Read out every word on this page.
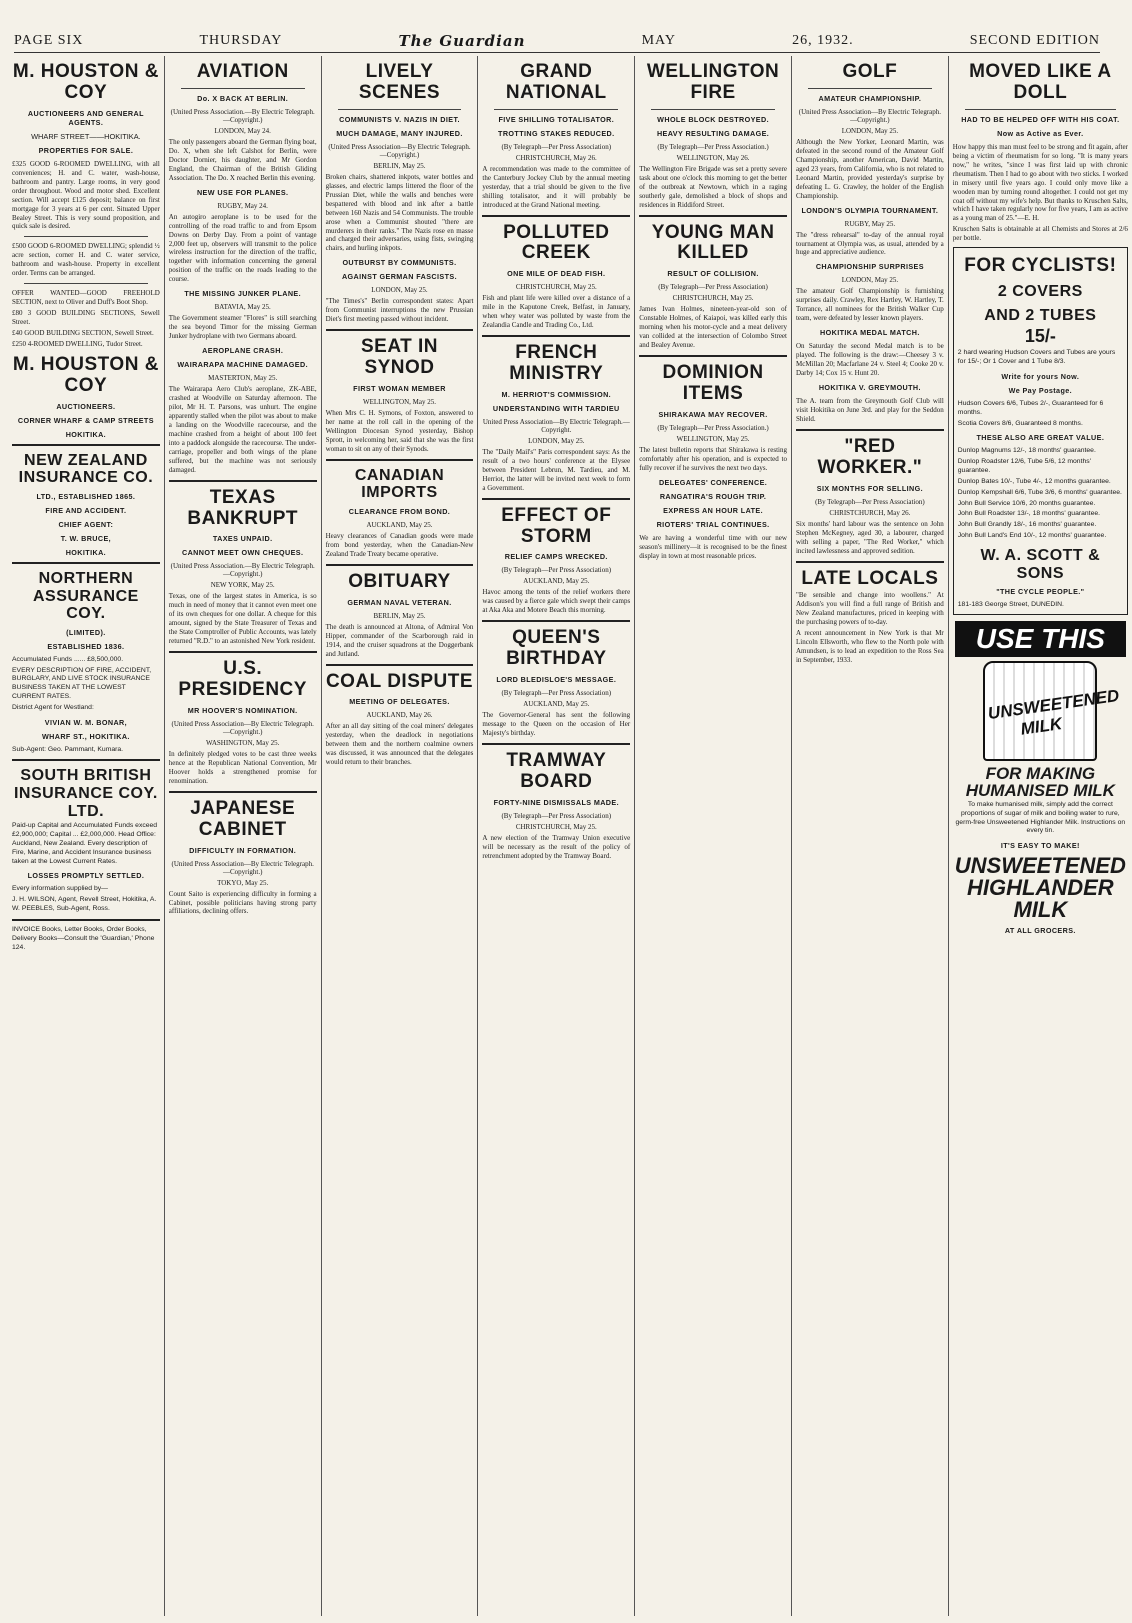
PAGE SIX	THURSDAY	The Guardian	MAY	26, 1932.	SECOND EDITION
M. HOUSTON & COY
AUCTIONEERS AND GENERAL AGENTS.
WHARF STREET——HOKITIKA.
PROPERTIES FOR SALE.
£325 GOOD 6-ROOMED DWELLING, with all conveniences; H. and C. water, wash-house, bathroom and pantry. Large rooms, in very good order throughout. Wood and motor shed. Excellent section. Will accept £125 deposit; balance on first mortgage for 3 years at 6 per cent. Situated Upper Bealey Street. This is very sound proposition, and quick sale is desired.
£500 GOOD 6-ROOMED DWELLING; splendid ½ acre section, corner H. and C. water service, bathroom and wash-house. Property in excellent order. Terms can be arranged.
OFFER WANTED—GOOD FREEHOLD SECTION, next to Oliver and Duff's Boot Shop.
£80 3 GOOD BUILDING SECTIONS, Sewell Street.
£40 GOOD BUILDING SECTION, Sewell Street.
£250 4-ROOMED DWELLING, Tudor Street.
M. HOUSTON & COY
AUCTIONEERS.
CORNER WHARF & CAMP STREETS
HOKITIKA.
NEW ZEALAND INSURANCE CO.
LTD., ESTABLISHED 1865.
FIRE AND ACCIDENT.
CHIEF AGENT:
T. W. BRUCE,
HOKITIKA.
NORTHERN ASSURANCE COY.
(LIMITED).
ESTABLISHED 1836.
Accumulated Funds ...... £8,500,000.
EVERY DESCRIPTION OF FIRE, ACCIDENT, BURGLARY, AND LIVE STOCK INSURANCE BUSINESS TAKEN AT THE LOWEST CURRENT RATES.
District Agent for Westland:
VIVIAN W. M. BONAR,
WHARF ST., HOKITIKA.
Sub-Agent: Geo. Pammant, Kumara.
SOUTH BRITISH INSURANCE COY. LTD.
Paid-up Capital and Accumulated Funds exceed £2,900,000; Capital ... £2,000,000. Head Office: Auckland, New Zealand. Every description of Fire, Marine, and Accident Insurance business taken at the Lowest Current Rates.
LOSSES PROMPTLY SETTLED.
Every information supplied by—
J. H. WILSON, Agent, Revell Street, Hokitika, A. W. PEEBLES, Sub-Agent, Ross.
INVOICE Books, Letter Books, Order Books, Delivery Books—Consult the 'Guardian,' Phone 124.
AVIATION
Do. X BACK AT BERLIN.
(United Press Association.—By Electric Telegraph.—Copyright.)
LONDON, May 24.
The only passengers aboard the German flying boat, Do. X, when she left Calshot for Berlin, were Doctor Dornier, his daughter, and Mr Gordon England, the Chairman of the British Gliding Association. The Do. X reached Berlin this evening.
NEW USE FOR PLANES.
RUGBY, May 24.
An autogiro aeroplane is to be used for the controlling of the road traffic to and from Epsom Downs on Derby Day. From a point of vantage 2,000 feet up, observers will transmit to the police wireless instruction for the direction of the traffic, together with information concerning the general position of the traffic on the roads leading to the course.
THE MISSING JUNKER PLANE.
BATAVIA, May 25.
The Government steamer "Flores" is still searching the sea beyond Timor for the missing German Junker hydroplane with two Germans aboard.
AEROPLANE CRASH.
WAIRARAPA MACHINE DAMAGED.
MASTERTON, May 25.
The Wairarapa Aero Club's aeroplane, ZK-ABE, crashed at Woodville on Saturday afternoon. The pilot, Mr H. T. Parsons, was unhurt. The engine apparently stalled when the pilot was about to make a landing on the Woodville racecourse, and the machine crashed from a height of about 100 feet into a paddock alongside the racecourse. The under-carriage, propeller and both wings of the plane suffered, but the machine was not seriously damaged.
TEXAS BANKRUPT
TAXES UNPAID.
CANNOT MEET OWN CHEQUES.
(United Press Association.—By Electric Telegraph.—Copyright.)
NEW YORK, May 25.
Texas, one of the largest states in America, is so much in need of money that it cannot even meet one of its own cheques for one dollar. A cheque for this amount, signed by the State Treasurer of Texas and the State Comptroller of Public Accounts, was lately returned "R.D." to an astonished New York resident.
U.S. PRESIDENCY
MR HOOVER'S NOMINATION.
(United Press Association—By Electric Telegraph.—Copyright.)
WASHINGTON, May 25.
In definitely pledged votes to be cast three weeks hence at the Republican National Convention, Mr Hoover holds a strengthened promise for renomination.
JAPANESE CABINET
DIFFICULTY IN FORMATION.
(United Press Association—By Electric Telegraph.—Copyright.)
TOKYO, May 25.
Count Saito is experiencing difficulty in forming a Cabinet, possible politicians having strong party affiliations, declining offers.
LIVELY SCENES
COMMUNISTS V. NAZIS IN DIET.
MUCH DAMAGE, MANY INJURED.
(United Press Association—By Electric Telegraph.—Copyright.)
BERLIN, May 25.
Broken chairs, shattered inkpots, water bottles and glasses, and electric lamps littered the floor of the Prussian Diet, while the walls and benches were bespattered with blood and ink after a battle between 160 Nazis and 54 Communists. The trouble arose when a Communist shouted "there are murderers in their ranks." The Nazis rose en masse and charged their adversaries, using fists, swinging chairs, and hurling inkpots.
OUTBURST BY COMMUNISTS.
AGAINST GERMAN FASCISTS.
LONDON, May 25.
"The Times's" Berlin correspondent states: Apart from Communist interruptions the new Prussian Diet's first meeting passed without incident.
SEAT IN SYNOD
FIRST WOMAN MEMBER
WELLINGTON, May 25.
When Mrs C. H. Symons, of Foxton, answered to her name at the roll call in the opening of the Wellington Diocesan Synod yesterday, Bishop Sprott, in welcoming her, said that she was the first woman to sit on any of their Synods.
CANADIAN IMPORTS
CLEARANCE FROM BOND.
AUCKLAND, May 25.
Heavy clearances of Canadian goods were made from bond yesterday, when the Canadian-New Zealand Trade Treaty became operative.
OBITUARY
GERMAN NAVAL VETERAN.
BERLIN, May 25.
The death is announced at Altona, of Admiral Von Hipper, commander of the Scarborough raid in 1914, and the cruiser squadrons at the Doggerbank and Jutland.
COAL DISPUTE
MEETING OF DELEGATES.
AUCKLAND, May 26.
After an all day sitting of the coal miners' delegates yesterday, when the deadlock in negotiations between them and the northern coalmine owners was discussed, it was announced that the delegates would return to their branches.
GRAND NATIONAL
FIVE SHILLING TOTALISATOR.
TROTTING STAKES REDUCED.
(By Telegraph—Per Press Association)
CHRISTCHURCH, May 26.
A recommendation was made to the committee of the Canterbury Jockey Club by the annual meeting yesterday, that a trial should be given to the five shilling totalisator, and it will probably be introduced at the Grand National meeting.
POLLUTED CREEK
ONE MILE OF DEAD FISH.
CHRISTCHURCH, May 25.
Fish and plant life were killed over a distance of a mile in the Kaputone Creek, Belfast, in January, when whey water was polluted by waste from the Zealandia Candle and Trading Co., Ltd.
FRENCH MINISTRY
M. HERRIOT'S COMMISSION.
UNDERSTANDING WITH TARDIEU
United Press Association—By Electric Telegraph.—Copyright.
LONDON, May 25.
The "Daily Mail's" Paris correspondent says: As the result of a two hours' conference at the Elysee between President Lebrun, M. Tardieu, and M. Herriot, the latter will be invited next week to form a Government.
EFFECT OF STORM
RELIEF CAMPS WRECKED.
(By Telegraph—Per Press Association)
AUCKLAND, May 25.
Havoc among the tents of the relief workers there was caused by a fierce gale which swept their camps at Aka Aka and Motere Beach this morning.
QUEEN'S BIRTHDAY
LORD BLEDISLOE'S MESSAGE.
(By Telegraph—Per Press Association)
AUCKLAND, May 25.
The Governor-General has sent the following message to the Queen on the occasion of Her Majesty's birthday.
TRAMWAY BOARD
FORTY-NINE DISMISSALS MADE.
(By Telegraph—Per Press Association)
CHRISTCHURCH, May 25.
A new election of the Tramway Union executive will be necessary as the result of the policy of retrenchment adopted by the Tramway Board.
WELLINGTON FIRE
WHOLE BLOCK DESTROYED.
HEAVY RESULTING DAMAGE.
(By Telegraph—Per Press Association.)
WELLINGTON, May 26.
The Wellington Fire Brigade was set a pretty severe task about one o'clock this morning to get the better of the outbreak at Newtown, which in a raging southerly gale, demolished a block of shops and residences in Riddiford Street.
YOUNG MAN KILLED
RESULT OF COLLISION.
(By Telegraph—Per Press Association)
CHRISTCHURCH, May 25.
James Ivan Holmes, nineteen-year-old son of Constable Holmes, of Kaiapoi, was killed early this morning when his motor-cycle and a meat delivery van collided at the intersection of Colombo Street and Bealey Avenue.
DOMINION ITEMS
SHIRAKAWA MAY RECOVER.
(By Telegraph—Per Press Association.)
WELLINGTON, May 25.
The latest bulletin reports that Shirakawa is resting comfortably after his operation, and is expected to fully recover if he survives the next two days.
DELEGATES' CONFERENCE.
RANGATIRA'S ROUGH TRIP.
EXPRESS AN HOUR LATE.
RIOTERS' TRIAL CONTINUES.
We are having a wonderful time with our new season's millinery—it is recognised to be the finest display in town at most reasonable prices.
GOLF
AMATEUR CHAMPIONSHIP.
(United Press Association—By Electric Telegraph.—Copyright.)
LONDON, May 25.
Although the New Yorker, Leonard Martin, was defeated in the second round of the Amateur Golf Championship, another American, David Martin, aged 23 years, from California, who is not related to Leonard Martin, provided yesterday's surprise by defeating L. G. Crawley, the holder of the English Championship.
LONDON'S OLYMPIA TOURNAMENT.
RUGBY, May 25.
The "dress rehearsal" to-day of the annual royal tournament at Olympia was, as usual, attended by a huge and appreciative audience.
CHAMPIONSHIP SURPRISES
LONDON, May 25.
The amateur Golf Championship is furnishing surprises daily. Crawley, Rex Hartley, W. Hartley, T. Torrance, all nominees for the British Walker Cup team, were defeated by lesser known players.
HOKITIKA MEDAL MATCH.
On Saturday the second Medal match is to be played. The following is the draw:—Cheesey 3 v. McMillan 20; Macfarlane 24 v. Steel 4; Cooke 20 v. Darby 14; Cox 15 v. Hunt 20.
HOKITIKA V. GREYMOUTH.
The A. team from the Greymouth Golf Club will visit Hokitika on June 3rd. and play for the Seddon Shield.
"RED WORKER."
SIX MONTHS FOR SELLING.
(By Telegraph—Per Press Association)
CHRISTCHURCH, May 26.
Six months' hard labour was the sentence on John Stephen McKegney, aged 30, a labourer, charged with selling a paper, "The Red Worker," which incited lawlessness and approved sedition.
LATE LOCALS
"Be sensible and change into woollens." At Addison's you will find a full range of British and New Zealand manufactures, priced in keeping with the purchasing powers of to-day.
A recent announcement in New York is that Mr Lincoln Ellsworth, who flew to the North pole with Amundsen, is to lead an expedition to the Ross Sea in September, 1933.
MOVED LIKE A DOLL
HAD TO BE HELPED OFF WITH HIS COAT.
Now as Active as Ever.
How happy this man must feel to be strong and fit again, after being a victim of rheumatism for so long. "It is many years now," he writes, "since I was first laid up with chronic rheumatism. Then I had to go about with two sticks. I worked in misery until five years ago. I could only move like a wooden man by turning round altogether. I could not get my coat off without my wife's help. But thanks to Kruschen Salts, which I have taken regularly now for five years, I am as active as a young man of 25."—E. H.
Kruschen Salts is obtainable at all Chemists and Stores at 2/6 per bottle.
FOR CYCLISTS!
2 COVERS
AND 2 TUBES
15/-
2 hard wearing Hudson Covers and Tubes are yours for 15/-; Or 1 Cover and 1 Tube 8/3.
Write for yours Now.
We Pay Postage.
Hudson Covers 6/6, Tubes 2/-, Guaranteed for 6 months.
Scotia Covers 8/6, Guaranteed 8 months.
THESE ALSO ARE GREAT VALUE.
Dunlop Magnums 12/-, 18 months' guarantee.
Dunlop Roadster 12/6, Tube 5/6, 12 months' guarantee.
Dunlop Bates 10/-, Tube 4/-, 12 months guarantee.
Dunlop Kempshall 6/6, Tube 3/6, 6 months' guarantee.
John Bull Service 10/6, 20 months guarantee.
John Bull Roadster 13/-, 18 months' guarantee.
John Bull Grandly 18/-, 16 months' guarantee.
John Bull Land's End 10/-, 12 months' guarantee.
W. A. SCOTT & SONS
"THE CYCLE PEOPLE."
181-183 George Street, DUNEDIN.
USE THIS
UNSWEETENED MILK
FOR MAKING HUMANISED MILK
To make humanised milk, simply add the correct proportions of sugar of milk and boiling water to rure, germ-free Unsweetened Highlander Milk. Instructions on every tin.
IT'S EASY TO MAKE!
UNSWEETENED
HIGHLANDER
MILK
AT ALL GROCERS.
